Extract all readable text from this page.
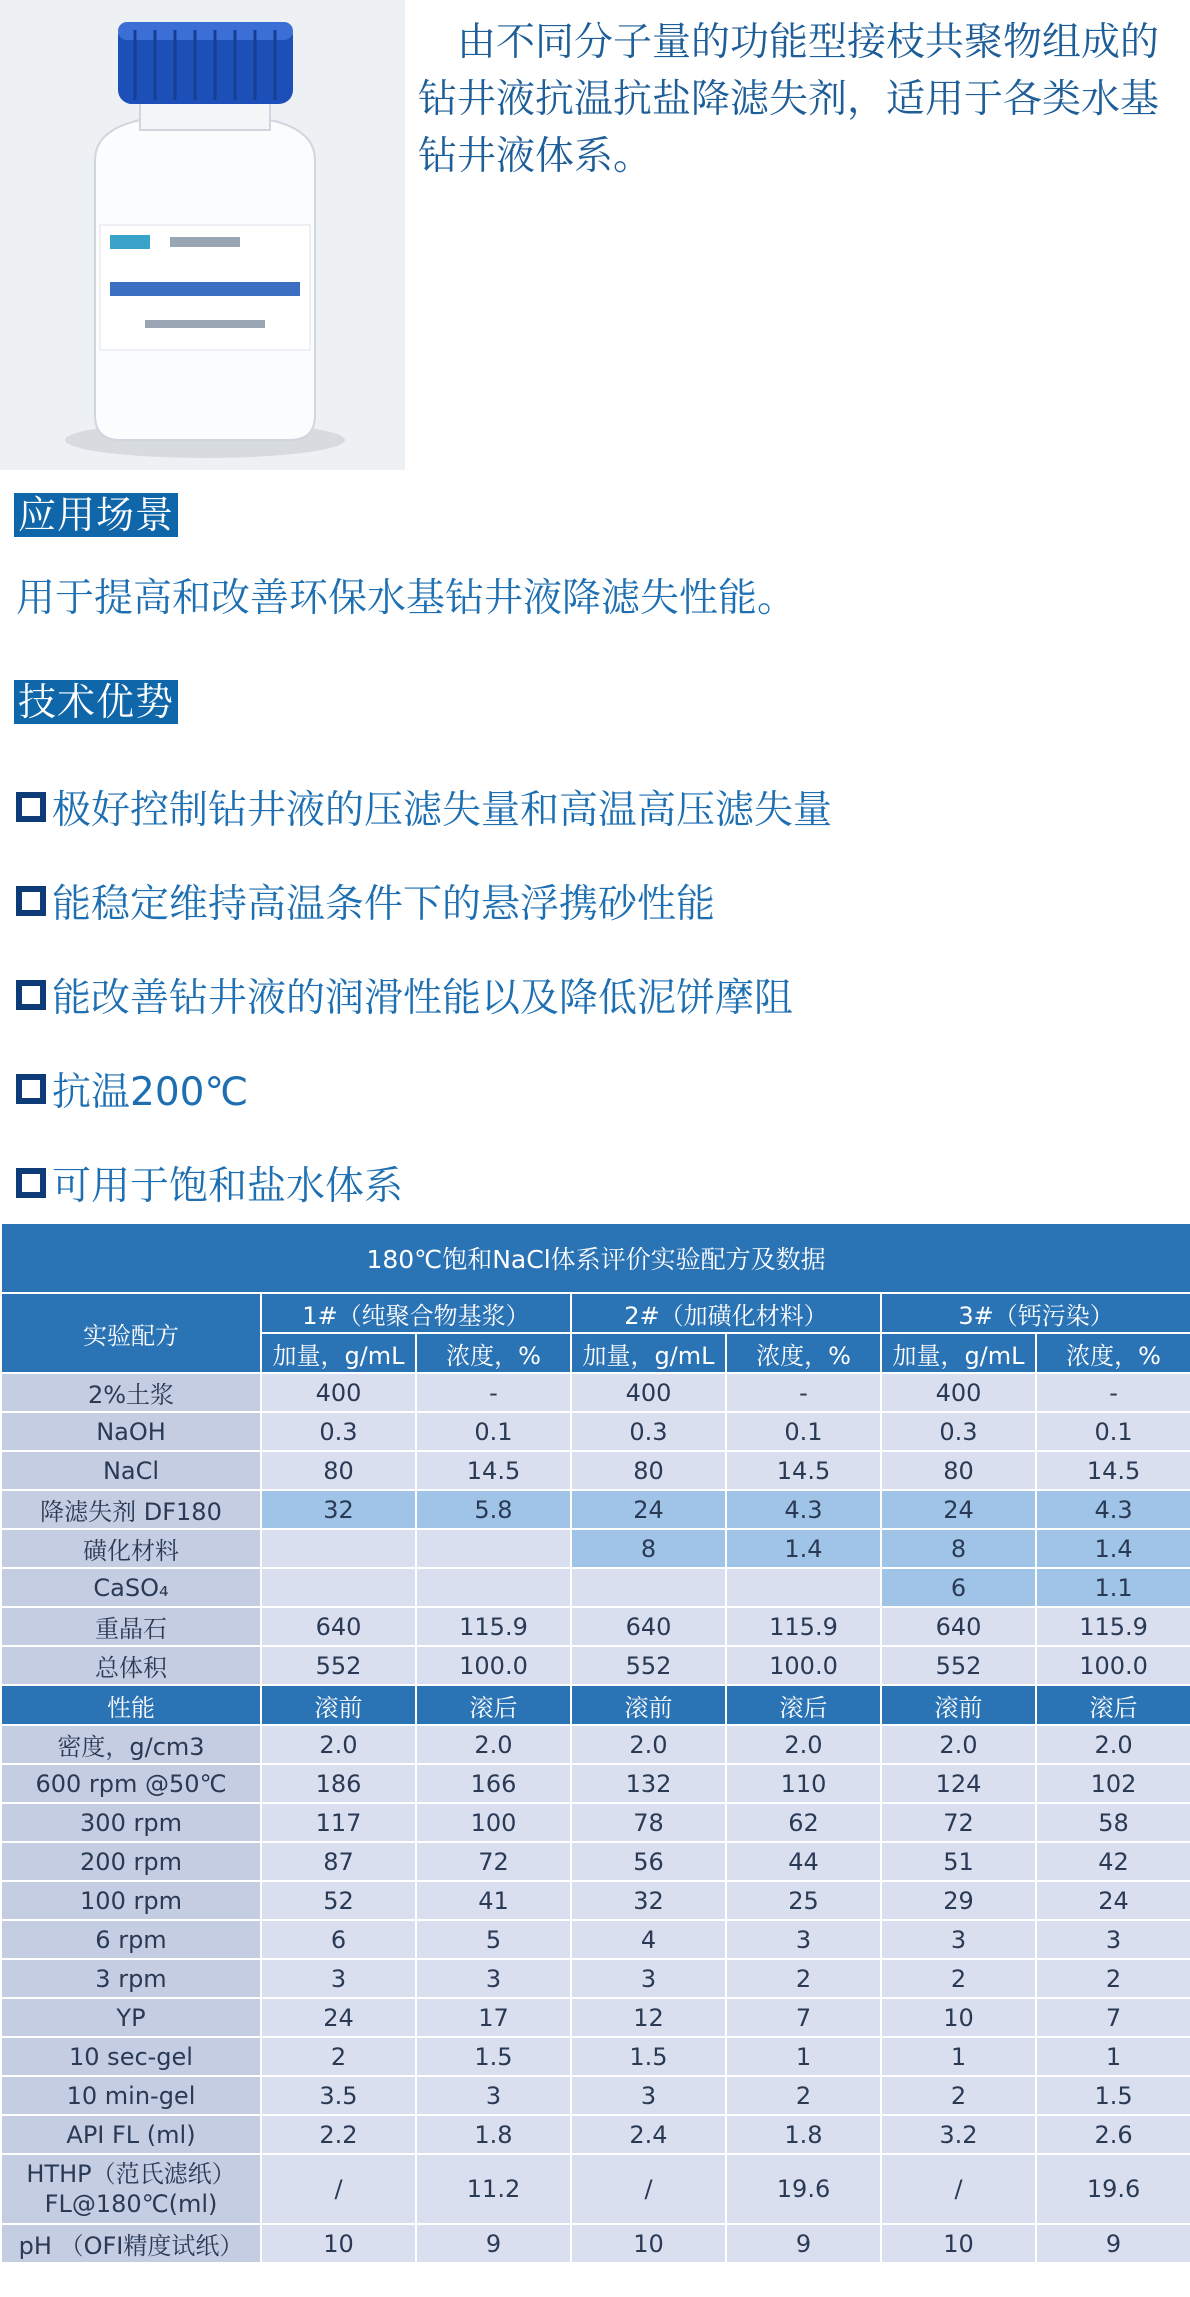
由不同分子量的功能型接枝共聚物组成的钻井液抗温抗盐降滤失剂，适用于各类水基钻井液体系。
应用场景
用于提高和改善环保水基钻井液降滤失性能。
技术优势
极好控制钻井液的压滤失量和高温高压滤失量
能稳定维持高温条件下的悬浮携砂性能
能改善钻井液的润滑性能以及降低泥饼摩阻
抗温200℃
可用于饱和盐水体系
180℃饱和NaCl体系评价实验配方及数据						
实验配方	1#（纯聚合物基浆）		2#（加磺化材料）		3#（钙污染）	
	加量，g/mL	浓度，%	加量，g/mL	浓度，%	加量，g/mL	浓度，%
2%土浆	400	-	400	-	400	-
NaOH	0.3	0.1	0.3	0.1	0.3	0.1
NaCl	80	14.5	80	14.5	80	14.5
降滤失剂 DF180	32	5.8	24	4.3	24	4.3
磺化材料			8	1.4	8	1.4
CaSO₄					6	1.1
重晶石	640	115.9	640	115.9	640	115.9
总体积	552	100.0	552	100.0	552	100.0
性能	滚前	滚后	滚前	滚后	滚前	滚后
密度，g/cm3	2.0	2.0	2.0	2.0	2.0	2.0
600 rpm @50℃	186	166	132	110	124	102
300 rpm	117	100	78	62	72	58
200 rpm	87	72	56	44	51	42
100 rpm	52	41	32	25	29	24
6 rpm	6	5	4	3	3	3
3 rpm	3	3	3	2	2	2
YP	24	17	12	7	10	7
10 sec-gel	2	1.5	1.5	1	1	1
10 min-gel	3.5	3	3	2	2	1.5
API FL (ml)	2.2	1.8	2.4	1.8	3.2	2.6
HTHP（范氏滤纸）FL@180℃(ml)	/	11.2	/	19.6	/	19.6
pH （OFI精度试纸）	10	9	10	9	10	9
